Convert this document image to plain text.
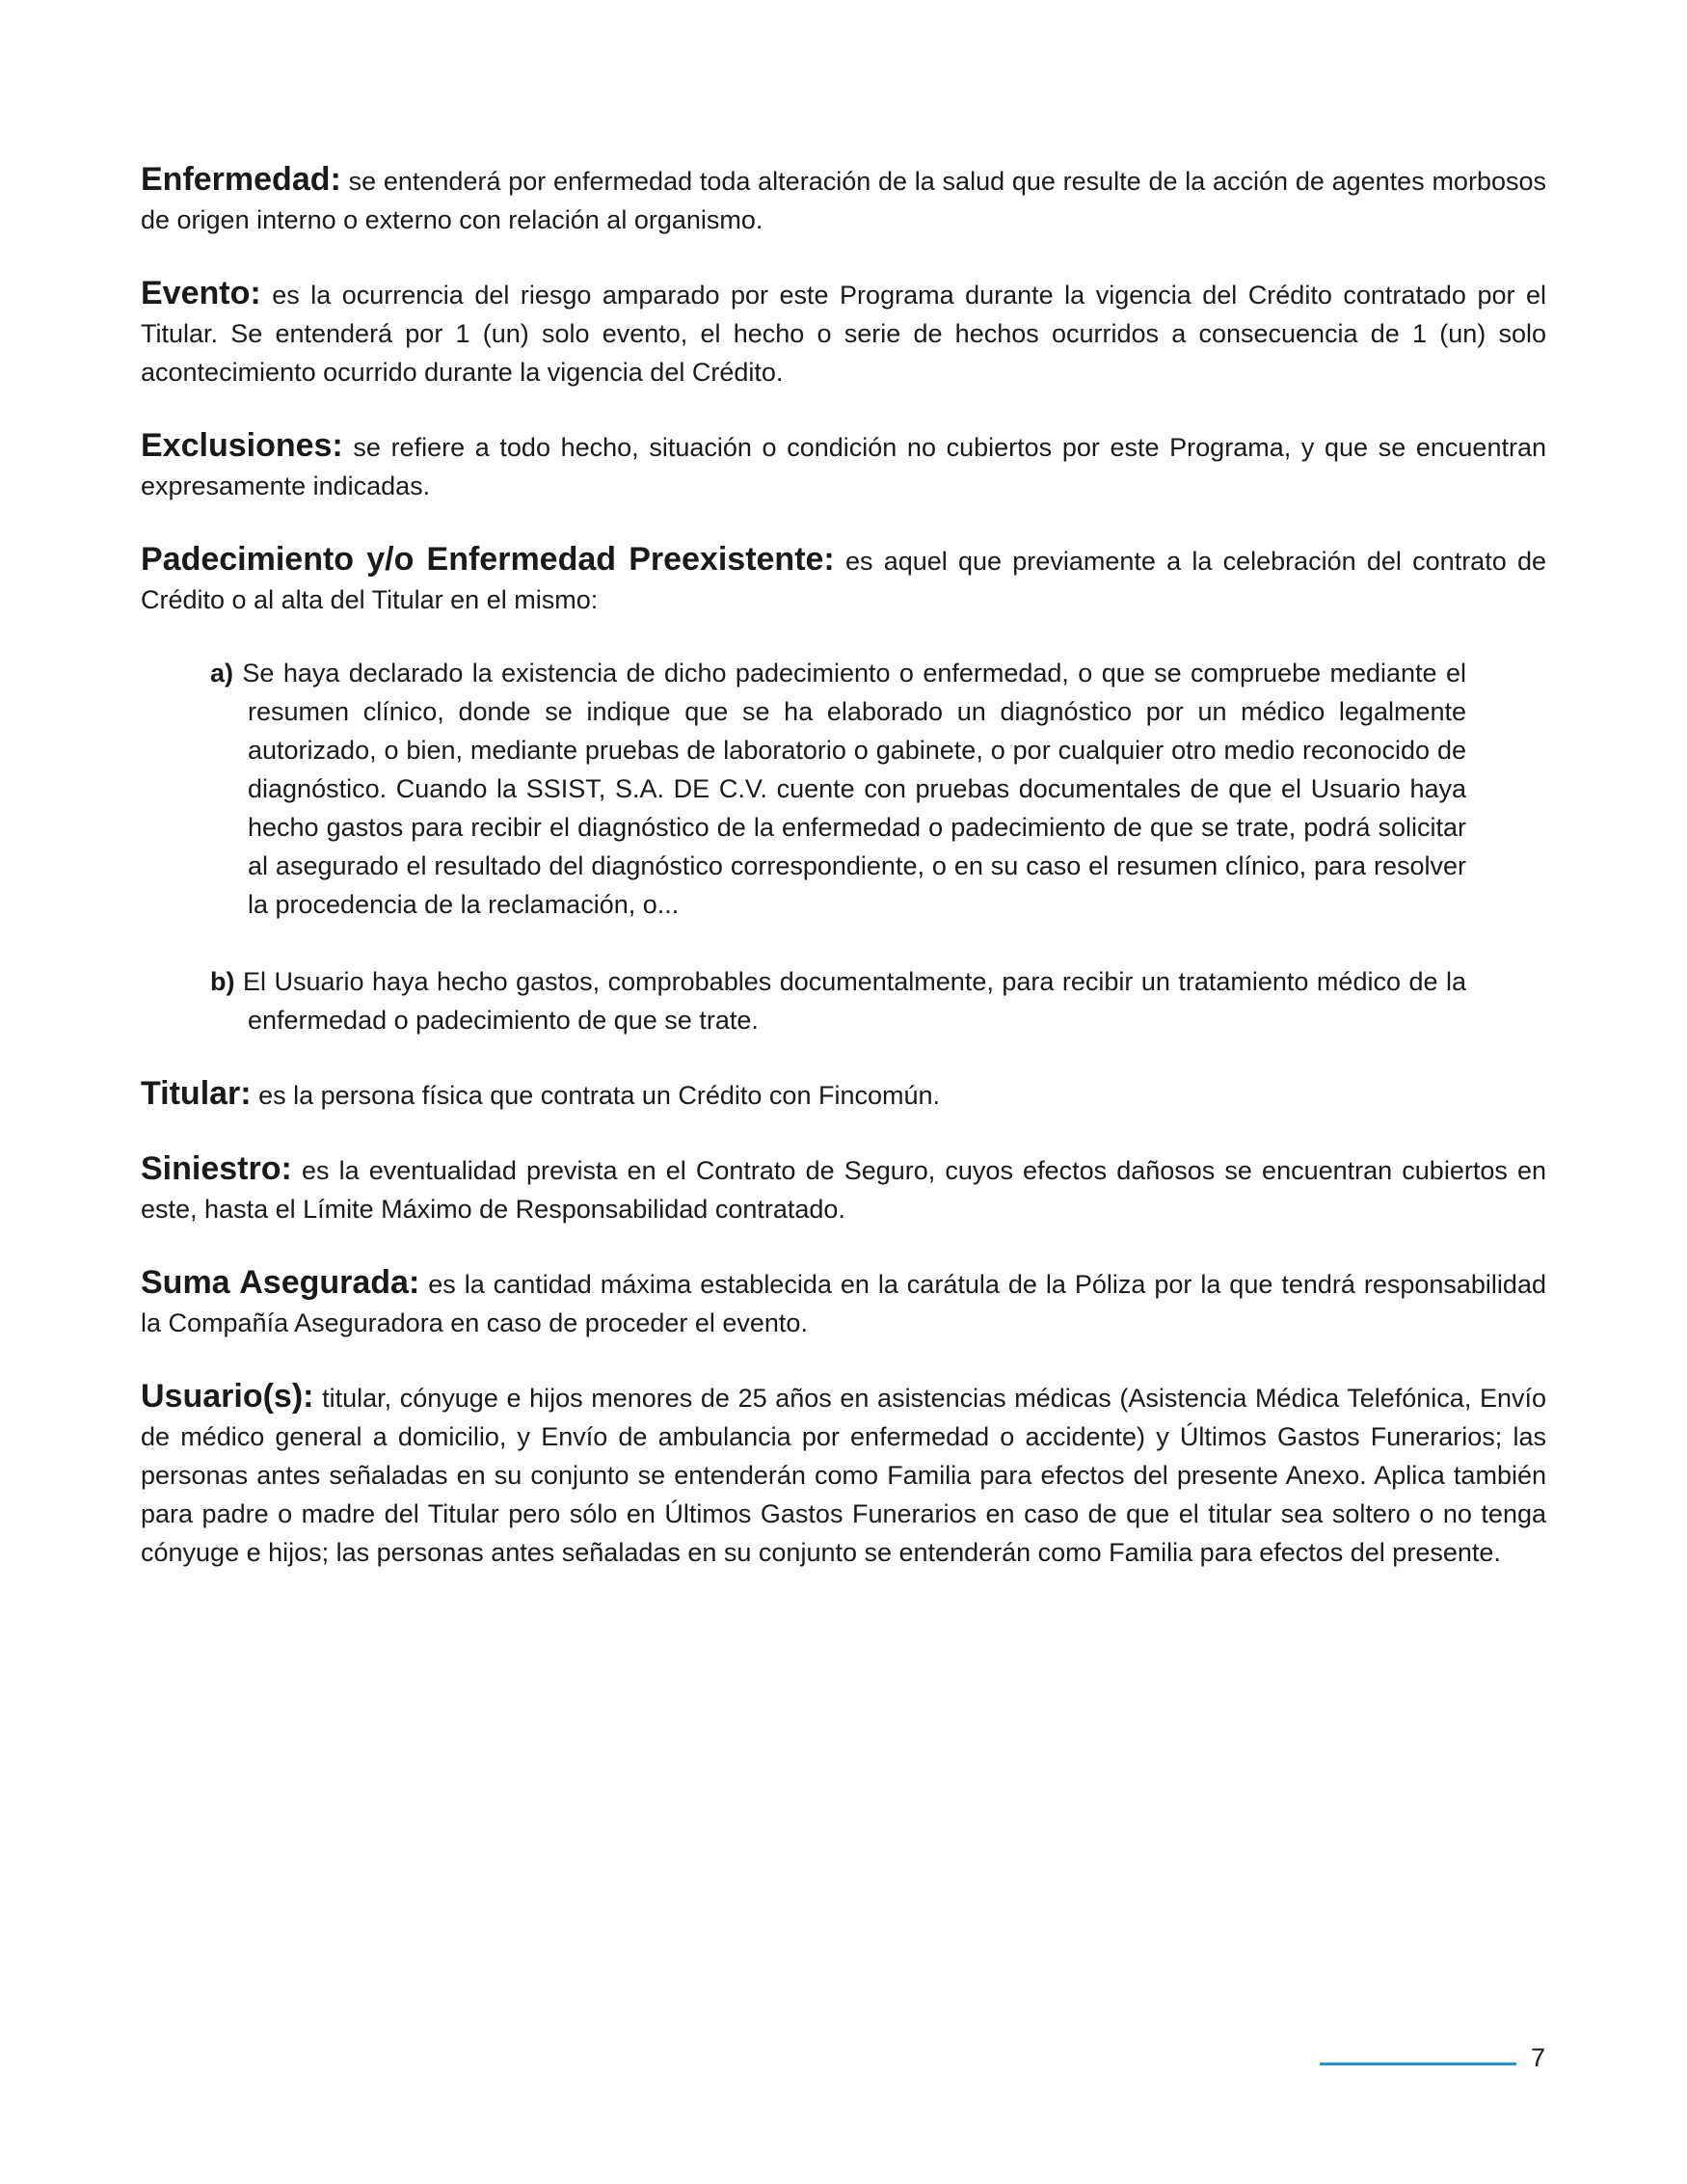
Enfermedad: se entenderá por enfermedad toda alteración de la salud que resulte de la acción de agentes morbosos de origen interno o externo con relación al organismo.

Evento: es la ocurrencia del riesgo amparado por este Programa durante la vigencia del Crédito contratado por el Titular. Se entenderá por 1 (un) solo evento, el hecho o serie de hechos ocurridos a consecuencia de 1 (un) solo acontecimiento ocurrido durante la vigencia del Crédito.

Exclusiones: se refiere a todo hecho, situación o condición no cubiertos por este Programa, y que se encuentran expresamente indicadas.

Padecimiento y/o Enfermedad Preexistente: es aquel que previamente a la celebración del contrato de Crédito o al alta del Titular en el mismo:

a) Se haya declarado la existencia de dicho padecimiento o enfermedad, o que se compruebe mediante el resumen clínico, donde se indique que se ha elaborado un diagnóstico por un médico legalmente autorizado, o bien, mediante pruebas de laboratorio o gabinete, o por cualquier otro medio reconocido de diagnóstico. Cuando la SSIST, S.A. DE C.V. cuente con pruebas documentales de que el Usuario haya hecho gastos para recibir el diagnóstico de la enfermedad o padecimiento de que se trate, podrá solicitar al asegurado el resultado del diagnóstico correspondiente, o en su caso el resumen clínico, para resolver la procedencia de la reclamación, o...
b) El Usuario haya hecho gastos, comprobables documentalmente, para recibir un tratamiento médico de la enfermedad o padecimiento de que se trate.

Titular: es la persona física que contrata un Crédito con Fincomún.

Siniestro: es la eventualidad prevista en el Contrato de Seguro, cuyos efectos dañosos se encuentran cubiertos en este, hasta el Límite Máximo de Responsabilidad contratado.

Suma Asegurada: es la cantidad máxima establecida en la carátula de la Póliza por la que tendrá responsabilidad la Compañía Aseguradora en caso de proceder el evento.

Usuario(s): titular, cónyuge e hijos menores de 25 años en asistencias médicas (Asistencia Médica Telefónica, Envío de médico general a domicilio, y Envío de ambulancia por enfermedad o accidente) y Últimos Gastos Funerarios; las personas antes señaladas en su conjunto se entenderán como Familia para efectos del presente Anexo. Aplica también para padre o madre del Titular pero sólo en Últimos Gastos Funerarios en caso de que el titular sea soltero o no tenga cónyuge e hijos; las personas antes señaladas en su conjunto se entenderán como Familia para efectos del presente.

7
